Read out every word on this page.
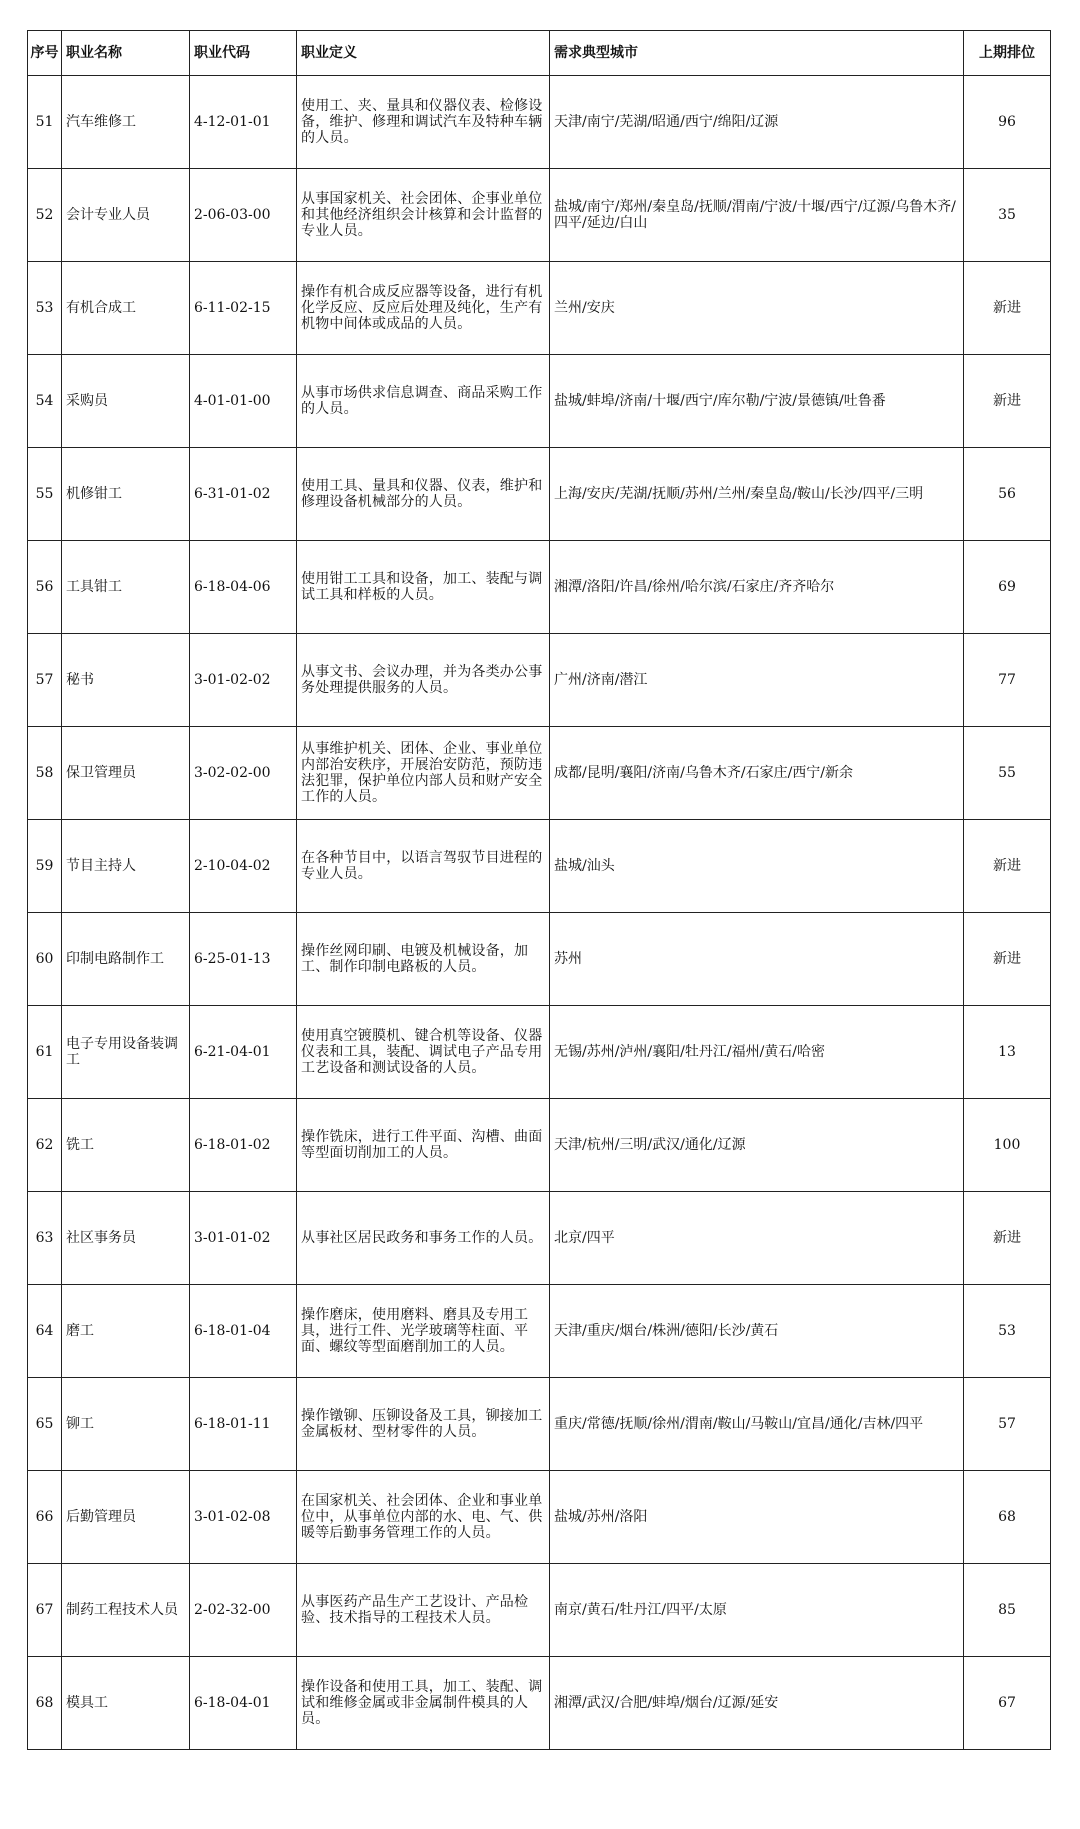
序号	职业名称	职业代码	职业定义	需求典型城市	上期排位
51	汽车维修工	4-12-01-01	使用工、夹、量具和仪器仪表、检修设备，维护、修理和调试汽车及特种车辆的人员。	天津/南宁/芜湖/昭通/西宁/绵阳/辽源	96
52	会计专业人员	2-06-03-00	从事国家机关、社会团体、企事业单位和其他经济组织会计核算和会计监督的专业人员。	盐城/南宁/郑州/秦皇岛/抚顺/渭南/宁波/十堰/西宁/辽源/乌鲁木齐/四平/延边/白山	35
53	有机合成工	6-11-02-15	操作有机合成反应器等设备，进行有机化学反应、反应后处理及纯化，生产有机物中间体或成品的人员。	兰州/安庆	新进
54	采购员	4-01-01-00	从事市场供求信息调查、商品采购工作的人员。	盐城/蚌埠/济南/十堰/西宁/库尔勒/宁波/景德镇/吐鲁番	新进
55	机修钳工	6-31-01-02	使用工具、量具和仪器、仪表，维护和修理设备机械部分的人员。	上海/安庆/芜湖/抚顺/苏州/兰州/秦皇岛/鞍山/长沙/四平/三明	56
56	工具钳工	6-18-04-06	使用钳工工具和设备，加工、装配与调试工具和样板的人员。	湘潭/洛阳/许昌/徐州/哈尔滨/石家庄/齐齐哈尔	69
57	秘书	3-01-02-02	从事文书、会议办理，并为各类办公事务处理提供服务的人员。	广州/济南/潜江	77
58	保卫管理员	3-02-02-00	从事维护机关、团体、企业、事业单位内部治安秩序，开展治安防范，预防违法犯罪，保护单位内部人员和财产安全工作的人员。	成都/昆明/襄阳/济南/乌鲁木齐/石家庄/西宁/新余	55
59	节目主持人	2-10-04-02	在各种节目中，以语言驾驭节目进程的专业人员。	盐城/汕头	新进
60	印制电路制作工	6-25-01-13	操作丝网印刷、电镀及机械设备，加工、制作印制电路板的人员。	苏州	新进
61	电子专用设备装调工	6-21-04-01	使用真空镀膜机、键合机等设备、仪器仪表和工具，装配、调试电子产品专用工艺设备和测试设备的人员。	无锡/苏州/泸州/襄阳/牡丹江/福州/黄石/哈密	13
62	铣工	6-18-01-02	操作铣床，进行工件平面、沟槽、曲面等型面切削加工的人员。	天津/杭州/三明/武汉/通化/辽源	100
63	社区事务员	3-01-01-02	从事社区居民政务和事务工作的人员。	北京/四平	新进
64	磨工	6-18-01-04	操作磨床，使用磨料、磨具及专用工具，进行工件、光学玻璃等柱面、平面、螺纹等型面磨削加工的人员。	天津/重庆/烟台/株洲/德阳/长沙/黄石	53
65	铆工	6-18-01-11	操作镦铆、压铆设备及工具，铆接加工金属板材、型材零件的人员。	重庆/常德/抚顺/徐州/渭南/鞍山/马鞍山/宜昌/通化/吉林/四平	57
66	后勤管理员	3-01-02-08	在国家机关、社会团体、企业和事业单位中，从事单位内部的水、电、气、供暖等后勤事务管理工作的人员。	盐城/苏州/洛阳	68
67	制药工程技术人员	2-02-32-00	从事医药产品生产工艺设计、产品检验、技术指导的工程技术人员。	南京/黄石/牡丹江/四平/太原	85
68	模具工	6-18-04-01	操作设备和使用工具，加工、装配、调试和维修金属或非金属制件模具的人员。	湘潭/武汉/合肥/蚌埠/烟台/辽源/延安	67
